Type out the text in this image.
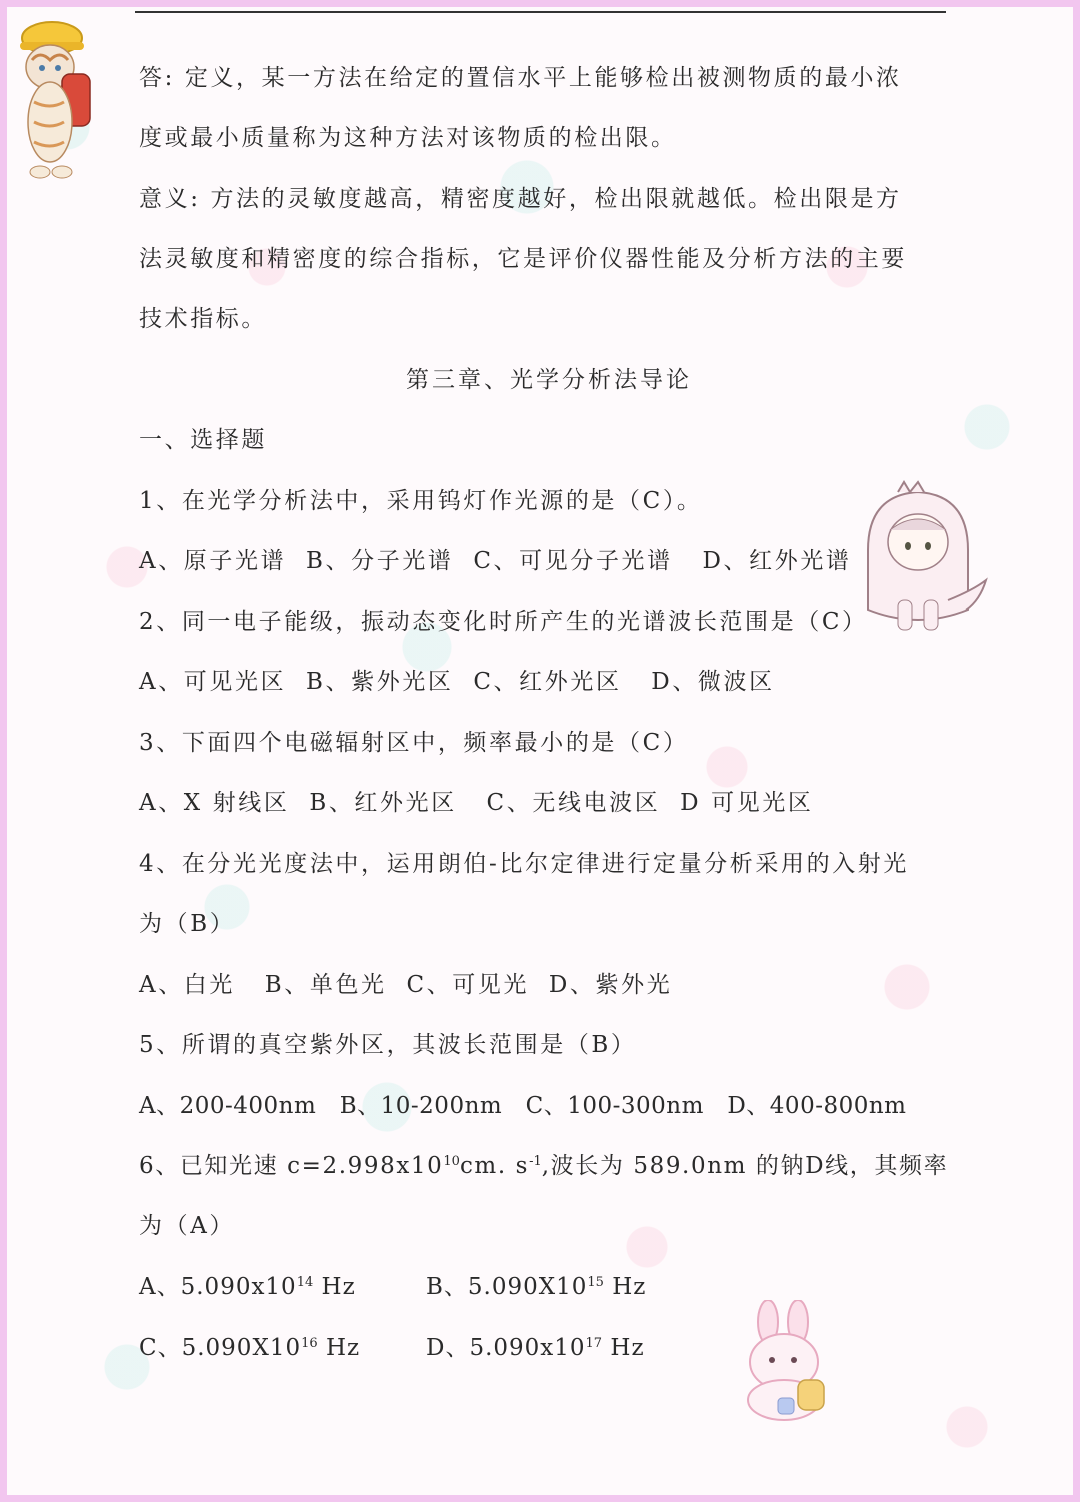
答: 定义，某一方法在给定的置信水平上能够检出被测物质的最小浓
度或最小质量称为这种方法对该物质的检出限。
意义: 方法的灵敏度越高，精密度越好，检出限就越低。检出限是方
法灵敏度和精密度的综合指标，它是评价仪器性能及分析方法的主要
技术指标。
第三章、光学分析法导论
一、选择题
1、在光学分析法中，采用钨灯作光源的是（C）。
A、原子光谱  B、分子光谱  C、可见分子光谱   D、红外光谱
2、同一电子能级，振动态变化时所产生的光谱波长范围是（C）
A、可见光区  B、紫外光区  C、红外光区   D、微波区
3、下面四个电磁辐射区中，频率最小的是（C）
A、X 射线区  B、红外光区   C、无线电波区  D 可见光区
4、在分光光度法中，运用朗伯-比尔定律进行定量分析采用的入射光
为（B）
A、白光   B、单色光  C、可见光  D、紫外光
5、所谓的真空紫外区，其波长范围是（B）
A、200-400nm   B、10-200nm   C、100-300nm   D、400-800nm
6、已知光速 $c=2.998x10^{10}cm$. $s^{-1}$,波长为 589.0nm 的钠D线，其频率
为（A）
A、$5.090x10^{14}$ Hz	B、$5.090X10^{15}$ Hz
C、$5.090X10^{16}$ Hz	D、$5.090x10^{17}$ Hz
